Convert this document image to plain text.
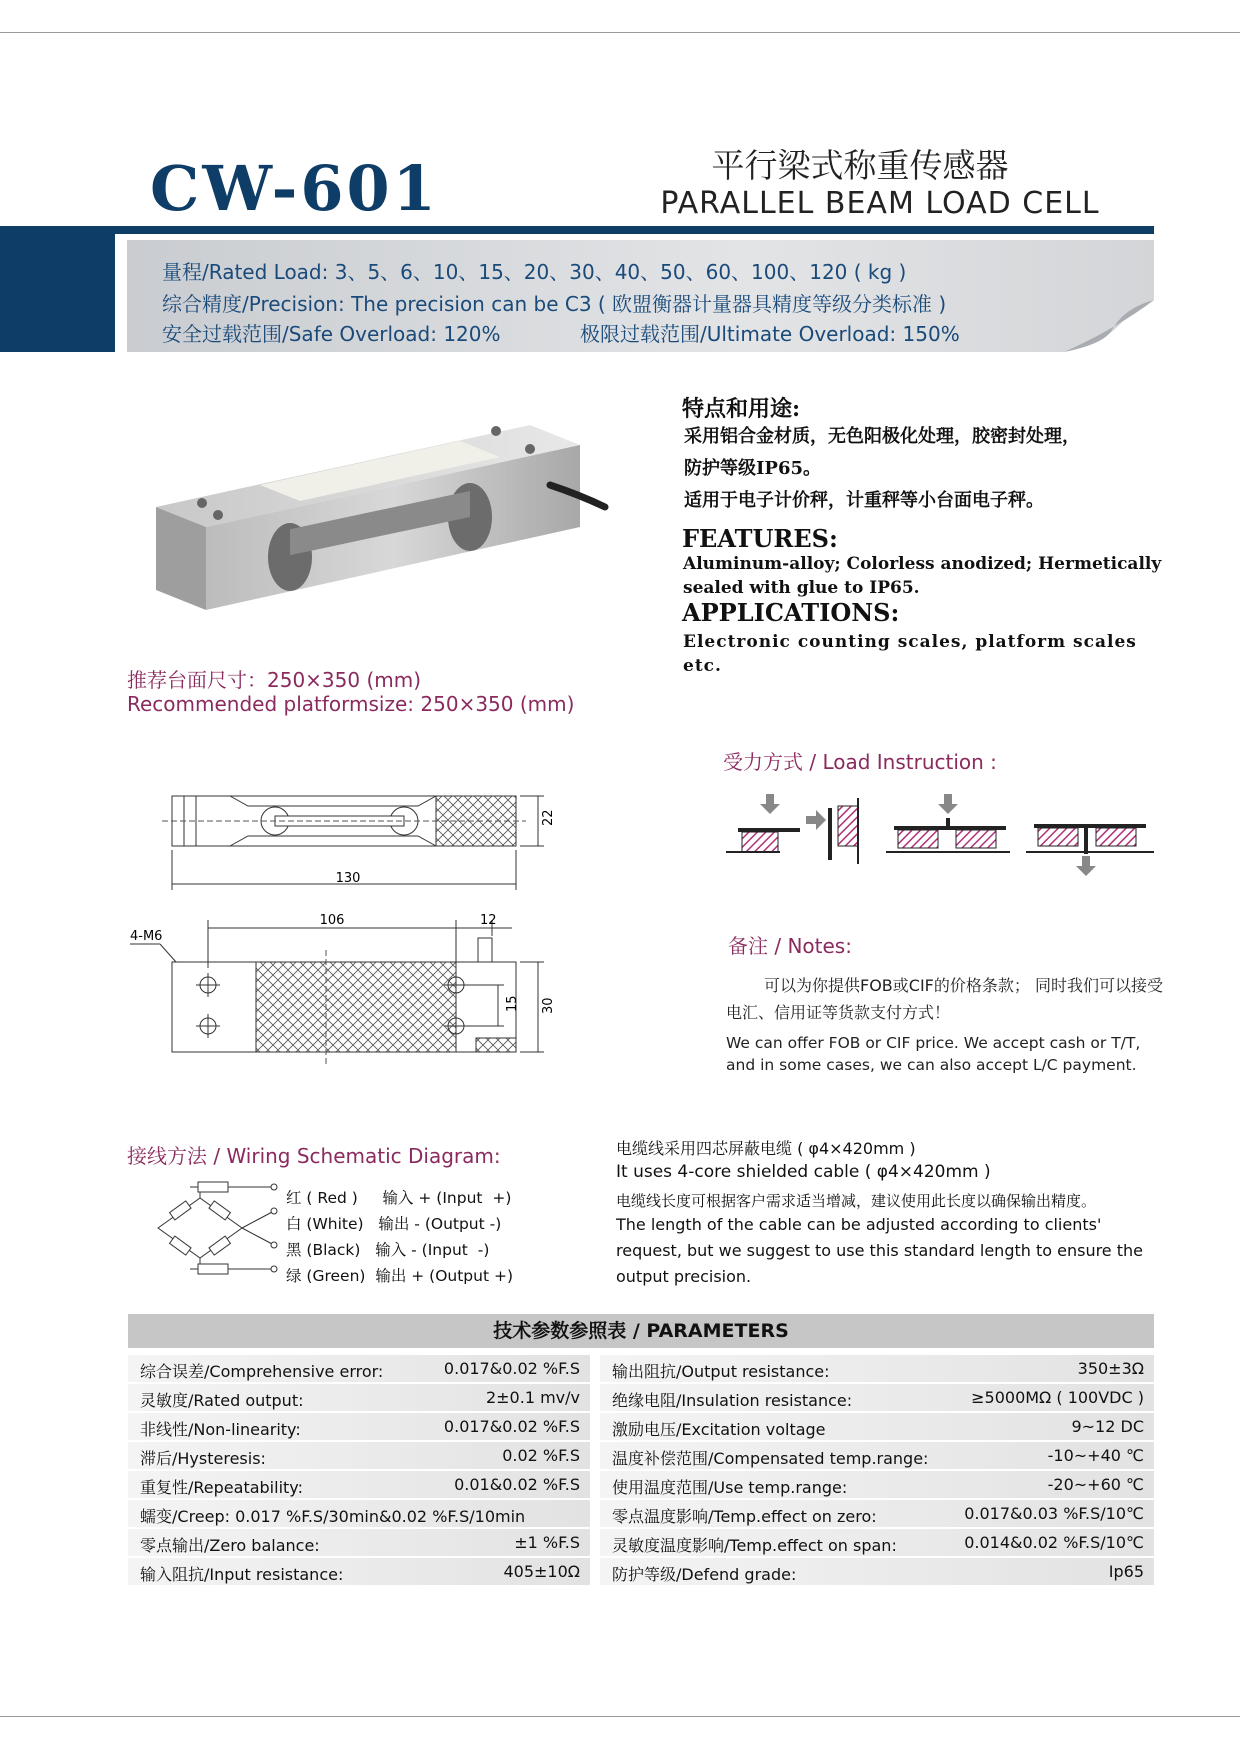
CW-601	平行梁式称重传感器
PARALLEL BEAM LOAD CELL
量程/Rated Load: 3、5、6、10、15、20、30、40、50、60、100、120 ( kg )
综合精度/Precision: The precision can be C3 ( 欧盟衡器计量器具精度等级分类标准 )
安全过载范围/Safe Overload: 120%	极限过载范围/Ultimate Overload: 150%
特点和用途:
采用铝合金材质，无色阳极化处理，胶密封处理，
防护等级IP65。
适用于电子计价秤，计重秤等小台面电子秤。
FEATURES:
Aluminum-alloy; Colorless anodized; Hermetically sealed with glue to IP65.
APPLICATIONS:
Electronic counting scales, platform scales etc.
推荐台面尺寸：250×350 (mm)
Recommended platformsize: 250×350 (mm)
受力方式 / Load Instruction :
22
130
4-M6
106	12
15 30
备注 / Notes:
可以为你提供FOB或CIF的价格条款； 同时我们可以接受电汇、信用证等货款支付方式！
We can offer FOB or CIF price. We accept cash or T/T, and in some cases, we can also accept L/C payment.
接线方法 / Wiring Schematic Diagram:
红 ( Red )     输入 + (Input  +)
白 (White)   输出 - (Output -)
黑 (Black)   输入 - (Input  -)
绿 (Green)  输出 + (Output +)
电缆线采用四芯屏蔽电缆 ( φ4×420mm )
It uses 4-core shielded cable ( φ4×420mm )
电缆线长度可根据客户需求适当增减，建议使用此长度以确保输出精度。
The length of the cable can be adjusted according to clients' request, but we suggest to use this standard length to ensure the output precision.
技术参数参照表 / PARAMETERS
综合误差/Comprehensive error:	0.017&0.02 %F.S
灵敏度/Rated output:	2±0.1 mv/v
非线性/Non-linearity:	0.017&0.02 %F.S
滞后/Hysteresis:	0.02 %F.S
重复性/Repeatability:	0.01&0.02 %F.S
蠕变/Creep: 0.017 %F.S/30min&0.02 %F.S/10min
零点输出/Zero balance:	±1 %F.S
输入阻抗/Input resistance:	405±10Ω
输出阻抗/Output resistance:	350±3Ω
绝缘电阻/Insulation resistance:	≥5000MΩ ( 100VDC )
激励电压/Excitation voltage	9~12 DC
温度补偿范围/Compensated temp.range:	-10~+40 ℃
使用温度范围/Use temp.range:	-20~+60 ℃
零点温度影响/Temp.effect on zero:	0.017&0.03 %F.S/10℃
灵敏度温度影响/Temp.effect on span:	0.014&0.02 %F.S/10℃
防护等级/Defend grade:	Ip65
